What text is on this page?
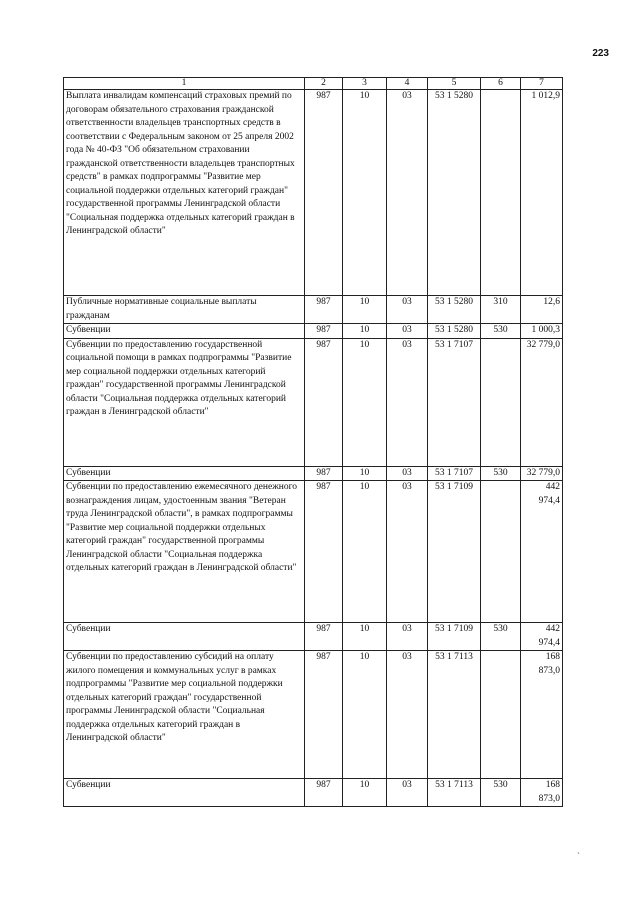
223
1	2	3	4	5	6	7
Выплата инвалидам компенсаций страховых премий по договорам обязательного страхования гражданской ответственности владельцев транспортных средств в соответствии с Федеральным законом от 25 апреля 2002 года № 40-ФЗ "Об обязательном страховании гражданской ответственности владельцев транспортных средств" в рамках подпрограммы "Развитие мер социальной поддержки отдельных категорий граждан" государственной программы Ленинградской области "Социальная поддержка отдельных категорий граждан в Ленинградской области"	987	10	03	53 1 5280		1 012,9
Публичные нормативные социальные выплаты гражданам	987	10	03	53 1 5280	310	12,6
Субвенции	987	10	03	53 1 5280	530	1 000,3
Субвенции по предоставлению государственной социальной помощи в рамках подпрограммы "Развитие мер социальной поддержки отдельных категорий граждан" государственной программы Ленинградской области "Социальная поддержка отдельных категорий граждан в Ленинградской области"	987	10	03	53 1 7107		32 779,0
Субвенции	987	10	03	53 1 7107	530	32 779,0
Субвенции по предоставлению ежемесячного денежного вознаграждения лицам, удостоенным звания "Ветеран труда Ленинградской области", в рамках подпрограммы "Развитие мер социальной поддержки отдельных категорий граждан" государственной программы Ленинградской области "Социальная поддержка отдельных категорий граждан в Ленинградской области"	987	10	03	53 1 7109		442 974,4
Субвенции	987	10	03	53 1 7109	530	442 974,4
Субвенции по предоставлению субсидий на оплату жилого помещения и коммунальных услуг в рамках подпрограммы "Развитие мер социальной поддержки отдельных категорий граждан" государственной программы Ленинградской области "Социальная поддержка отдельных категорий граждан в Ленинградской области"	987	10	03	53 1 7113		168 873,0
Субвенции	987	10	03	53 1 7113	530	168 873,0
`
